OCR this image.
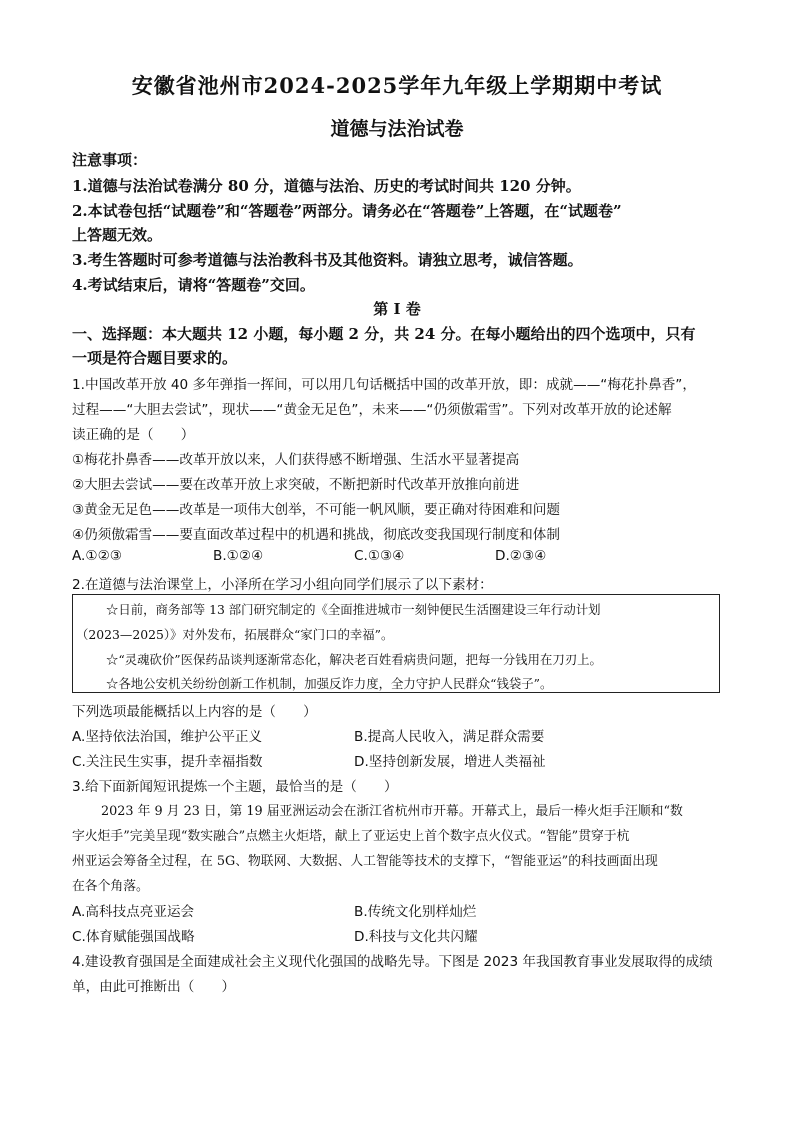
安徽省池州市2024-2025学年九年级上学期期中考试
道德与法治试卷
注意事项：
1.道德与法治试卷满分 80 分，道德与法治、历史的考试时间共 120 分钟。
2.本试卷包括“试题卷”和“答题卷”两部分。请务必在“答题卷”上答题，在“试题卷”
上答题无效。
3.考生答题时可参考道德与法治教科书及其他资料。请独立思考，诚信答题。
4.考试结束后，请将“答题卷”交回。
第 I 卷
一、选择题：本大题共 12 小题，每小题 2 分，共 24 分。在每小题给出的四个选项中，只有
一项是符合题目要求的。
1.中国改革开放 40 多年弹指一挥间，可以用几句话概括中国的改革开放，即：成就——“梅花扑鼻香”，
过程——“大胆去尝试”，现状——“黄金无足色”，未来——“仍须傲霜雪”。下列对改革开放的论述解
读正确的是（　　）
①梅花扑鼻香——改革开放以来，人们获得感不断增强、生活水平显著提高
②大胆去尝试——要在改革开放上求突破，不断把新时代改革开放推向前进
③黄金无足色——改革是一项伟大创举，不可能一帆风顺，要正确对待困难和问题
④仍须傲霜雪——要直面改革过程中的机遇和挑战，彻底改变我国现行制度和体制
A.①②③	B.①②④	C.①③④	D.②③④
2.在道德与法治课堂上，小泽所在学习小组向同学们展示了以下素材：
☆日前，商务部等 13 部门研究制定的《全面推进城市一刻钟便民生活圈建设三年行动计划
（2023—2025）》对外发布，拓展群众“家门口的幸福”。
☆“灵魂砍价”医保药品谈判逐渐常态化，解决老百姓看病贵问题，把每一分钱用在刀刃上。
☆各地公安机关纷纷创新工作机制，加强反诈力度，全力守护人民群众“钱袋子”。
下列选项最能概括以上内容的是（　　）
A.坚持依法治国，维护公平正义	B.提高人民收入，满足群众需要
C.关注民生实事，提升幸福指数	D.坚持创新发展，增进人类福祉
3.给下面新闻短讯提炼一个主题，最恰当的是（　　）
2023 年 9 月 23 日，第 19 届亚洲运动会在浙江省杭州市开幕。开幕式上，最后一棒火炬手汪顺和“数
字火炬手”完美呈现“数实融合”点燃主火炬塔，献上了亚运史上首个数字点火仪式。“智能”贯穿于杭
州亚运会筹备全过程，在 5G、物联网、大数据、人工智能等技术的支撑下，“智能亚运”的科技画面出现
在各个角落。
A.高科技点亮亚运会	B.传统文化别样灿烂
C.体育赋能强国战略	D.科技与文化共闪耀
4.建设教育强国是全面建成社会主义现代化强国的战略先导。下图是 2023 年我国教育事业发展取得的成绩
单，由此可推断出（　　）
